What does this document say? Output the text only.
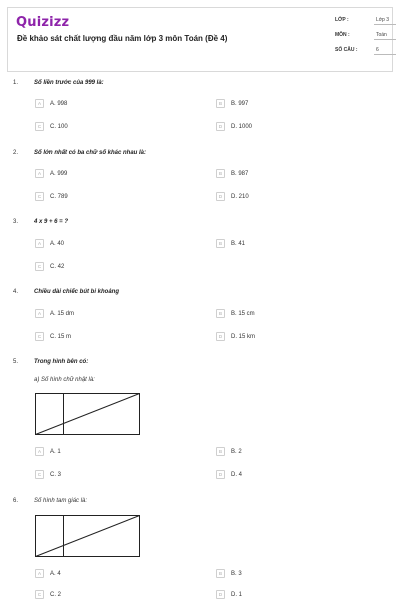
Quizizz
Đề khảo sát chất lượng đầu năm lớp 3 môn Toán (Đề 4)
LỚP :	Lớp 3
MÔN :	Toán
SỐ CÂU :	6
1.	Số liền trước của 999 là:
A	A. 998	B	B. 997
C	C. 100	D	D. 1000
2.	Số lớn nhất có ba chữ số khác nhau là:
A	A. 999	B	B. 987
C	C. 789	D	D. 210
3.	4 x 9 + 6 = ?
A	A. 40	B	B. 41
C	C. 42
4.	Chiều dài chiếc bút bi khoảng
A	A. 15 dm	B	B. 15 cm
C	C. 15 m	D	D. 15 km
5.	Trong hình bên có:
a) Số hình chữ nhật là:
A	A. 1	B	B. 2
C	C. 3	D	D. 4
6.	Số hình tam giác là:
A	A. 4	B	B. 3
C	C. 2	D	D. 1
